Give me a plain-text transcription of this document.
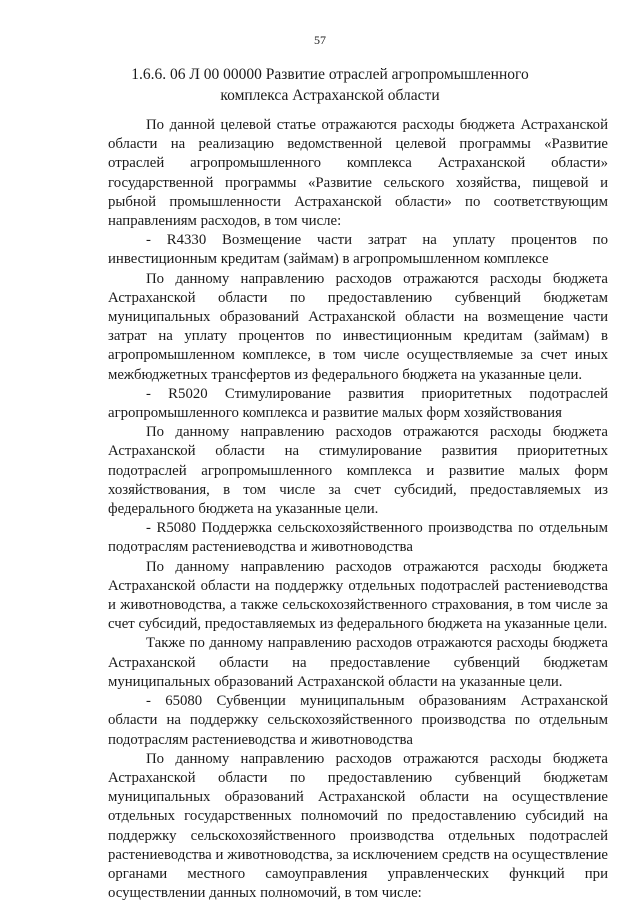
57
1.6.6. 06 Л 00 00000 Развитие отраслей агропромышленного комплекса Астраханской области

По данной целевой статье отражаются расходы бюджета Астраханской области на реализацию ведомственной целевой программы «Развитие отраслей агропромышленного комплекса Астраханской области» государственной программы «Развитие сельского хозяйства, пищевой и рыбной промышленности Астраханской области» по соответствующим направлениям расходов, в том числе:

- R4330 Возмещение части затрат на уплату процентов по инвестиционным кредитам (займам) в агропромышленном комплексе

По данному направлению расходов отражаются расходы бюджета Астраханской области по предоставлению субвенций бюджетам муниципальных образований Астраханской области на возмещение части затрат на уплату процентов по инвестиционным кредитам (займам) в агропромышленном комплексе, в том числе осуществляемые за счет иных межбюджетных трансфертов из федерального бюджета на указанные цели.

- R5020 Стимулирование развития приоритетных подотраслей агропромышленного комплекса и развитие малых форм хозяйствования

По данному направлению расходов отражаются расходы бюджета Астраханской области на стимулирование развития приоритетных подотраслей агропромышленного комплекса и развитие малых форм хозяйствования, в том числе за счет субсидий, предоставляемых из федерального бюджета на указанные цели.

- R5080 Поддержка сельскохозяйственного производства по отдельным подотраслям растениеводства и животноводства

По данному направлению расходов отражаются расходы бюджета Астраханской области на поддержку отдельных подотраслей растениеводства и животноводства, а также сельскохозяйственного страхования, в том числе за счет субсидий, предоставляемых из федерального бюджета на указанные цели.

Также по данному направлению расходов отражаются расходы бюджета Астраханской области на предоставление субвенций бюджетам муниципальных образований Астраханской области на указанные цели.

- 65080 Субвенции муниципальным образованиям Астраханской области на поддержку сельскохозяйственного производства по отдельным подотраслям растениеводства и животноводства

По данному направлению расходов отражаются расходы бюджета Астраханской области по предоставлению субвенций бюджетам муниципальных образований Астраханской области на осуществление отдельных государственных полномочий по предоставлению субсидий на поддержку сельскохозяйственного производства отдельных подотраслей растениеводства и животноводства, за исключением средств на осуществление органами местного самоуправления управленческих функций при осуществлении данных полномочий, в том числе:
